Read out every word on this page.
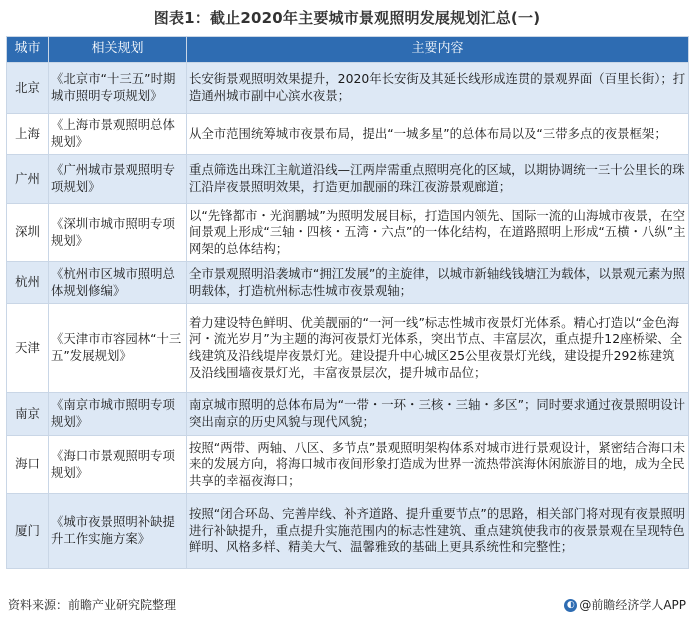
图表1：截止2020年主要城市景观照明发展规划汇总(一)
城市	相关规划	主要内容
北京	《北京市“十三五”时期城市照明专项规划》	长安街景观照明效果提升，2020年长安街及其延长线形成连贯的景观界面（百里长街）；打造通州城市副中心滨水夜景；
上海	《上海市景观照明总体规划》	从全市范围统筹城市夜景布局，提出“一城多星”的总体布局以及“三带多点的夜景框架；
广州	《广州城市景观照明专项规划》	重点筛选出珠江主航道沿线—江两岸需重点照明亮化的区域，以期协调统一三十公里长的珠江沿岸夜景照明效果，打造更加靓丽的珠江夜游景观廊道；
深圳	《深圳市城市照明专项规划》	以“先锋都市・光润鹏城”为照明发展目标，打造国内领先、国际一流的山海城市夜景，在空间景观上形成“三轴・四核・五湾・六点”的一体化结构，在道路照明上形成“五横・八纵”主网架的总体结构；
杭州	《杭州市区城市照明总体规划修编》	全市景观照明沿袭城市“拥江发展”的主旋律，以城市新轴线钱塘江为载体，以景观元素为照明载体，打造杭州标志性城市夜景观轴；
天津	《天津市市容园林“十三五”发展规划》	着力建设特色鲜明、优美靓丽的“一河一线”标志性城市夜景灯光体系。精心打造以“金色海河・流光岁月”为主题的海河夜景灯光体系，突出节点、丰富层次，重点提升12座桥梁、全线建筑及沿线堤岸夜景灯光。建设提升中心城区25公里夜景灯光线，建设提升292栋建筑及沿线围墙夜景灯光，丰富夜景层次，提升城市品位；
南京	《南京市城市照明专项规划》	南京城市照明的总体布局为“一带・一环・三核・三轴・多区”；同时要求通过夜景照明设计突出南京的历史风貌与现代风貌；
海口	《海口市景观照明专项规划》	按照“两带、两轴、八区、多节点”景观照明架构体系对城市进行景观设计，紧密结合海口未来的发展方向，将海口城市夜间形象打造成为世界一流热带滨海休闲旅游目的地，成为全民共享的幸福夜海口；
厦门	《城市夜景照明补缺提升工作实施方案》	按照“闭合环岛、完善岸线、补齐道路、提升重要节点”的思路，相关部门将对现有夜景照明进行补缺提升，重点提升实施范围内的标志性建筑、重点建筑使我市的夜景景观在呈现特色鲜明、风格多样、精美大气、温馨雅致的基础上更具系统性和完整性；
资料来源：前瞻产业研究院整理	◐ @前瞻经济学人APP
